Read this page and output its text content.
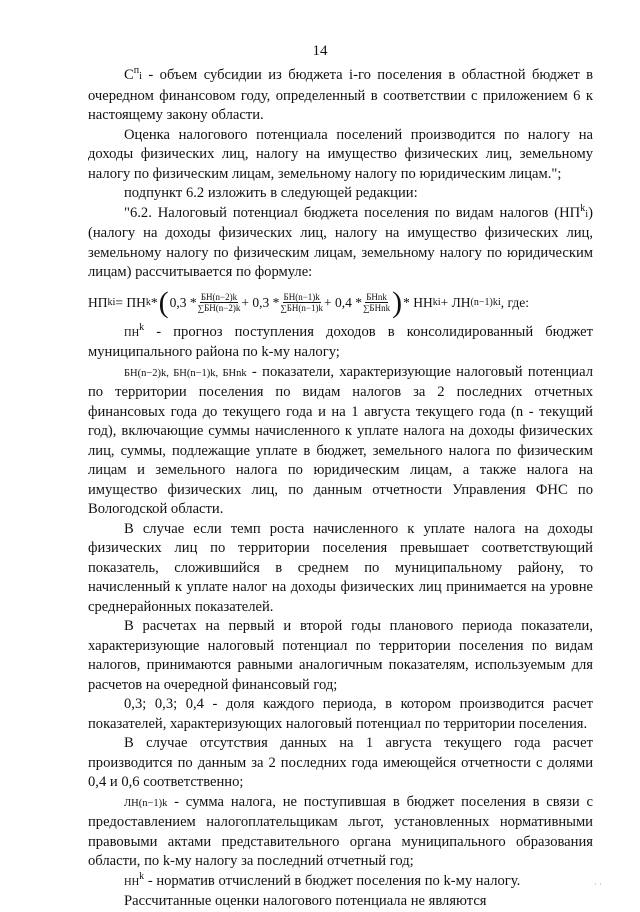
14

$С^пi$ - объем субсидии из бюджета i-го поселения в областной бюджет в очередном финансовом году, определенный в соответствии с приложением 6 к настоящему закону области.

Оценка налогового потенциала поселений производится по налогу на доходы физических лиц, налогу на имущество физических лиц, земельному налогу по физическим лицам, земельному налогу по юридическим лицам.";

подпункт 6.2 изложить в следующей редакции:

"6.2. Налоговый потенциал бюджета поселения по видам налогов $(НП^ki)$ (налогу на доходы физических лиц, налогу на имущество физических лиц, земельному налогу по физическим лицам, земельному налогу по юридическим лицам) рассчитывается по формуле:

НП k i = ПН k * ( $0,3 * \frac{БН(n-2)k}{\sum БН(n-2)k} + 0,3 * \frac{БН(n-1)k}{\sum БН(n-1)k} + 0,4 * \frac{\text{БНnk}}{\text{∑БНnk}}$ ) * НН k i + ЛН (n−1)k i , где:

$ПН^k$ - прогноз поступления доходов в консолидированный бюджет муниципального района по k-му налогу;

БН(n−2)k, БН(n−1)k, БНnk - показатели, характеризующие налоговый потенциал по территории поселения по видам налогов за 2 последних отчетных финансовых года до текущего года и на 1 августа текущего года (n - текущий год), включающие суммы начисленного к уплате налога на доходы физических лиц, суммы, подлежащие уплате в бюджет, земельного налога по физическим лицам и земельного налога по юридическим лицам, а также налога на имущество физических лиц, по данным отчетности Управления ФНС по Вологодской области.

В случае если темп роста начисленного к уплате налога на доходы физических лиц по территории поселения превышает соответствующий показатель, сложившийся в среднем по муниципальному району, то начисленный к уплате налог на доходы физических лиц принимается на уровне среднерайонных показателей.

В расчетах на первый и второй годы планового периода показатели, характеризующие налоговый потенциал по территории поселения по видам налогов, принимаются равными аналогичным показателям, используемым для расчетов на очередной финансовый год;

0,3; 0,3; 0,4 - доля каждого периода, в котором производится расчет показателей, характеризующих налоговый потенциал по территории поселения.

В случае отсутствия данных на 1 августа текущего года расчет производится по данным за 2 последних года имеющейся отчетности с долями 0,4 и 0,6 соответственно;

ЛН(n−1)k - сумма налога, не поступившая в бюджет поселения в связи с предоставлением налогоплательщикам льгот, установленных нормативными правовыми актами представительного органа муниципального образования области, по k-му налогу за последний отчетный год;

$НН^k$ - норматив отчислений в бюджет поселения по k-му налогу.

Рассчитанные оценки налогового потенциала не являются

· ·
